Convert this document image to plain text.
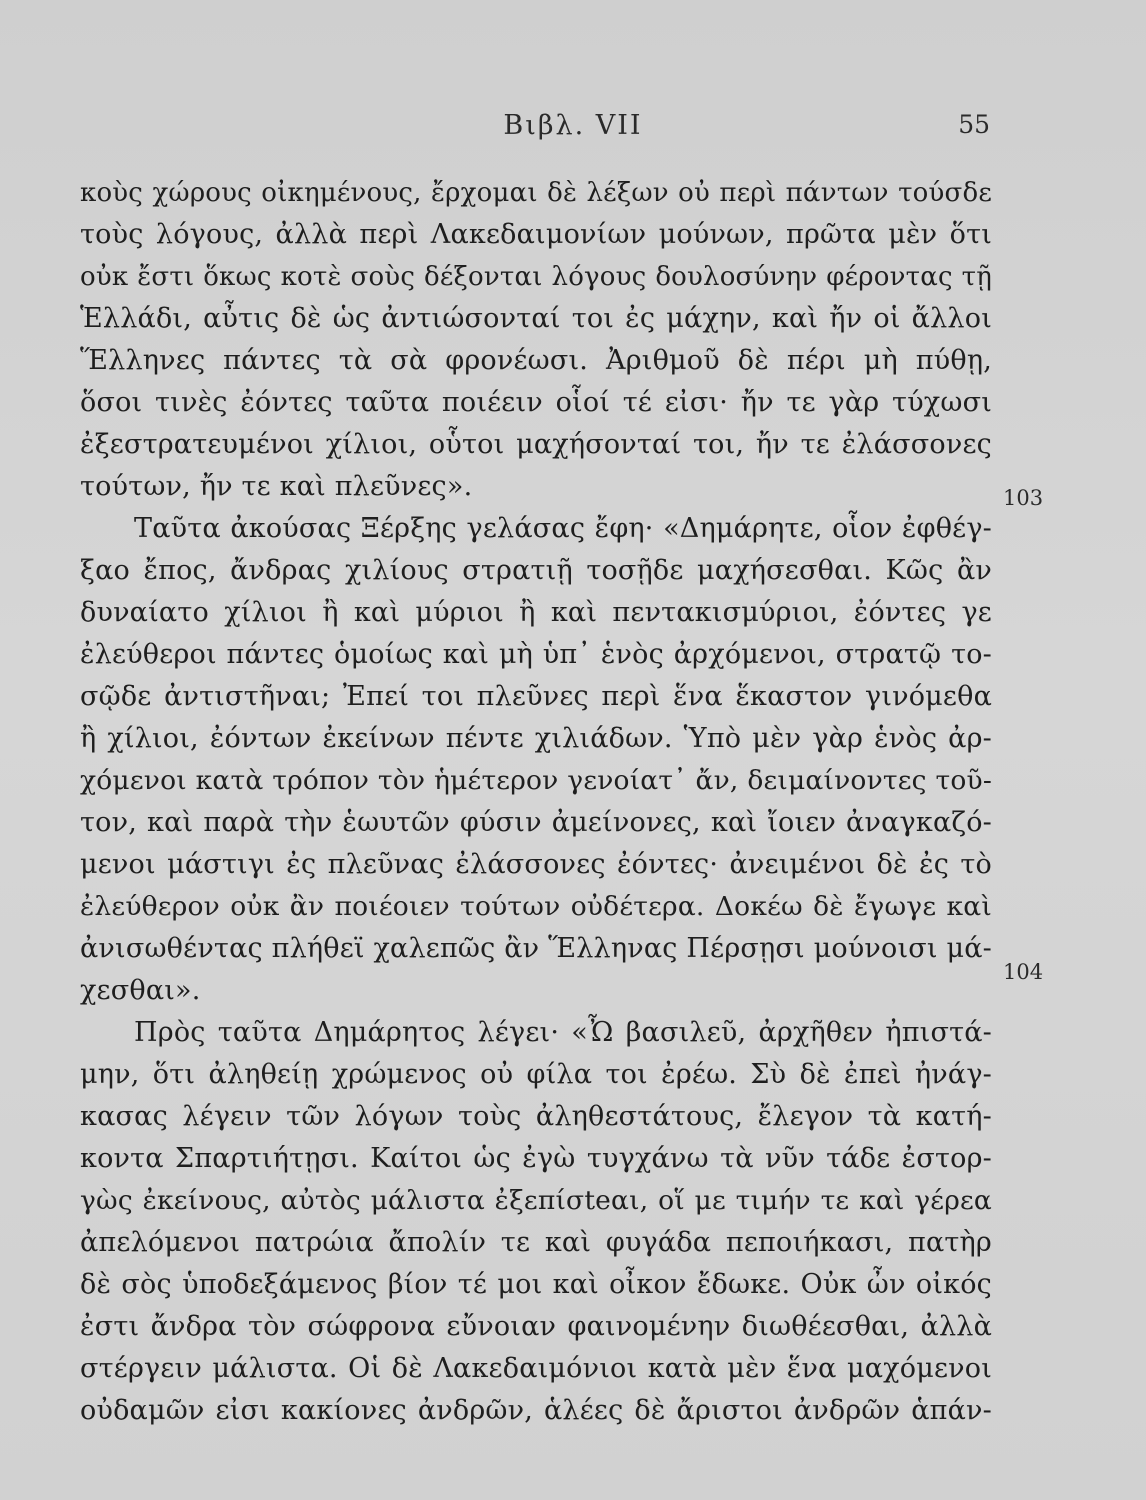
Βιβλ. VII	55
103
104
κοὺς χώρους οἰκημένους, ἔρχομαι δὲ λέξων οὐ περὶ πάντων τούσδε
τοὺς λόγους, ἀλλὰ περὶ Λακεδαιμονίων μούνων, πρῶτα μὲν ὅτι
οὐκ ἔστι ὅκως κοτὲ σοὺς δέξονται λόγους δουλοσύνην φέροντας τῇ
Ἑλλάδι, αὖτις δὲ ὡς ἀντιώσονταί τοι ἐς μάχην, καὶ ἤν οἱ ἄλλοι
Ἕλληνες πάντες τὰ σὰ φρονέωσι. Ἀριθμοῦ δὲ πέρι μὴ πύθῃ,
ὅσοι τινὲς ἐόντες ταῦτα ποιέειν οἷοί τέ εἰσι· ἤν τε γὰρ τύχωσι
ἐξεστρατευμένοι χίλιοι, οὗτοι μαχήσονταί τοι, ἤν τε ἐλάσσονες
τούτων, ἤν τε καὶ πλεῦνες».
Ταῦτα ἀκούσας Ξέρξης γελάσας ἔφη· «Δημάρητε, οἷον ἐφθέγ-
ξαο ἔπος, ἄνδρας χιλίους στρατιῇ τοσῇδε μαχήσεσθαι. Κῶς ἂν
δυναίατο χίλιοι ἢ καὶ μύριοι ἢ καὶ πεντακισμύριοι, ἐόντες γε
ἐλεύθεροι πάντες ὁμοίως καὶ μὴ ὑπ᾽ ἑνὸς ἀρχόμενοι, στρατῷ το-
σῷδε ἀντιστῆναι; Ἐπεί τοι πλεῦνες περὶ ἕνα ἕκαστον γινόμεθα
ἢ χίλιοι, ἐόντων ἐκείνων πέντε χιλιάδων. Ὑπὸ μὲν γὰρ ἑνὸς ἀρ-
χόμενοι κατὰ τρόπον τὸν ἡμέτερον γενοίατ᾽ ἄν, δειμαίνοντες τοῦ-
τον, καὶ παρὰ τὴν ἑωυτῶν φύσιν ἀμείνονες, καὶ ἴοιεν ἀναγκαζό-
μενοι μάστιγι ἐς πλεῦνας ἐλάσσονες ἐόντες· ἀνειμένοι δὲ ἐς τὸ
ἐλεύθερον οὐκ ἂν ποιέοιεν τούτων οὐδέτερα. Δοκέω δὲ ἔγωγε καὶ
ἀνισωθέντας πλήθεϊ χαλεπῶς ἂν Ἕλληνας Πέρσῃσι μούνοισι μά-
χεσθαι».
Πρὸς ταῦτα Δημάρητος λέγει· «Ὦ βασιλεῦ, ἀρχῆθεν ἠπιστά-
μην, ὅτι ἀληθείῃ χρώμενος οὐ φίλα τοι ἐρέω. Σὺ δὲ ἐπεὶ ἠνάγ-
κασας λέγειν τῶν λόγων τοὺς ἀληθεστάτους, ἔλεγον τὰ κατή-
κοντα Σπαρτιήτῃσι. Καίτοι ὡς ἐγὼ τυγχάνω τὰ νῦν τάδε ἐστορ-
γὼς ἐκείνους, αὐτὸς μάλιστα ἐξεπίσteαι, οἵ με τιμήν τε καὶ γέρεα
ἀπελόμενοι πατρώια ἄπολίν τε καὶ φυγάδα πεποιήκασι, πατὴρ
δὲ σὸς ὑποδεξάμενος βίον τέ μοι καὶ οἶκον ἔδωκε. Οὐκ ὦν οἰκός
ἐστι ἄνδρα τὸν σώφρονα εὔνοιαν φαινομένην διωθέεσθαι, ἀλλὰ
στέργειν μάλιστα. Οἱ δὲ Λακεδαιμόνιοι κατὰ μὲν ἕνα μαχόμενοι
οὐδαμῶν εἰσι κακίονες ἀνδρῶν, ἁλέες δὲ ἄριστοι ἀνδρῶν ἁπάν-
